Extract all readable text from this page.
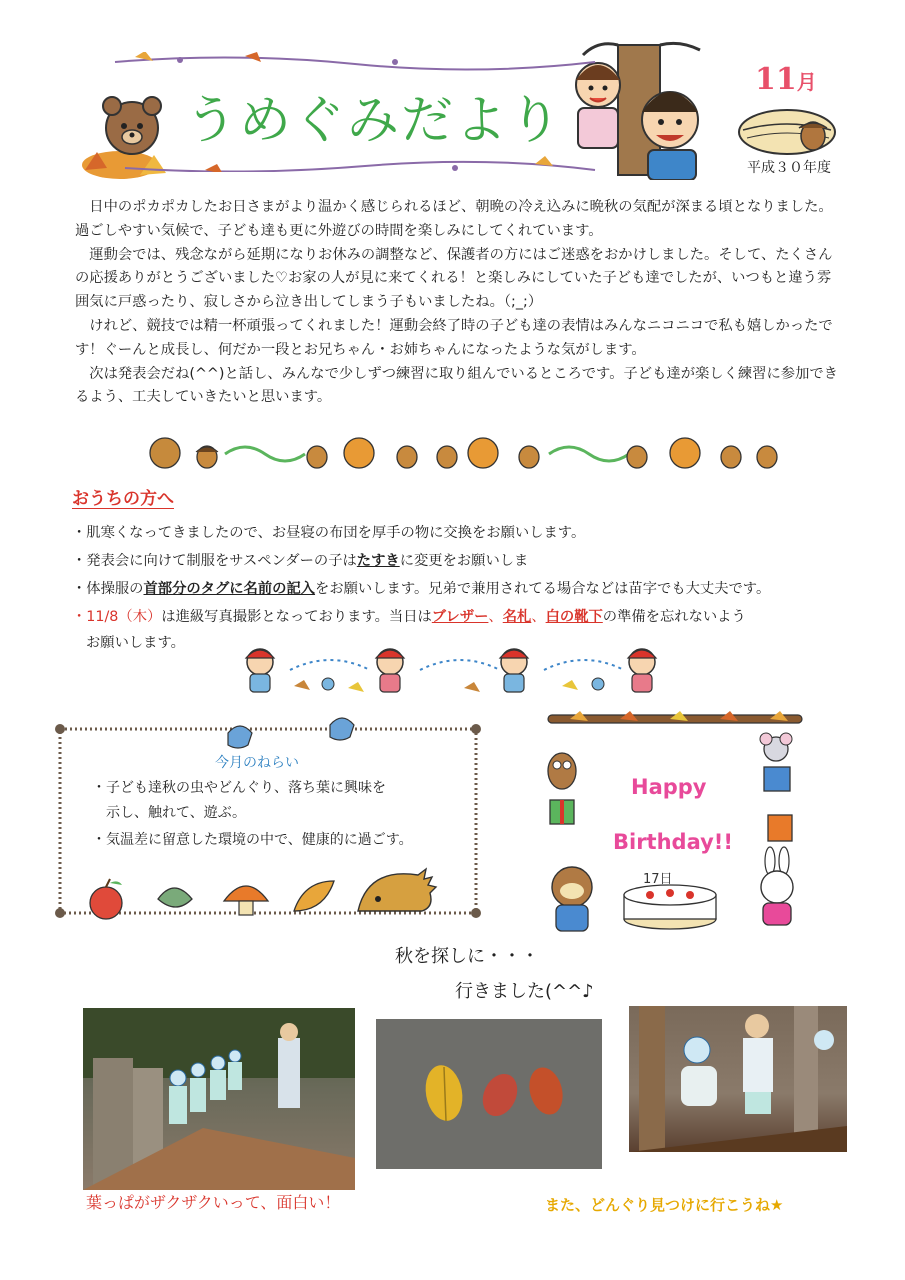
うめぐみだより
11月
平成３０年度

日中のポカポカしたお日さまがより温かく感じられるほど、朝晩の冷え込みに晩秋の気配が深まる頃となりました。過ごしやすい気候で、子ども達も更に外遊びの時間を楽しみにしてくれています。

運動会では、残念ながら延期になりお休みの調整など、保護者の方にはご迷惑をおかけしました。そして、たくさんの応援ありがとうございました♡お家の人が見に来てくれる！と楽しみにしていた子ども達でしたが、いつもと違う雰囲気に戸惑ったり、寂しさから泣き出してしまう子もいましたね。（;_;）

けれど、競技では精一杯頑張ってくれました！運動会終了時の子ども達の表情はみんなニコニコで私も嬉しかったです！ぐーんと成長し、何だか一段とお兄ちゃん・お姉ちゃんになったような気がします。

次は発表会だね(^^)と話し、みんなで少しずつ練習に取り組んでいるところです。子ども達が楽しく練習に参加できるよう、工夫していきたいと思います。

おうちの方へ
・肌寒くなってきましたので、お昼寝の布団を厚手の物に交換をお願いします。
・発表会に向けて制服をサスペンダーの子はたすきに変更をお願いしま
・体操服の首部分のタグに名前の記入をお願いします。兄弟で兼用されてる場合などは苗字でも大丈夫です。
・11/8（木）は進級写真撮影となっております。当日はブレザー、名札、白の靴下の準備を忘れないよう
お願いします。
今月のねらい
・子ども達秋の虫やどんぐり、落ち葉に興味を
示し、触れて、遊ぶ。
・気温差に留意した環境の中で、健康的に過ごす。
Happy
Birthday!!
17日
秋を探しに・・・
行きました(^^♪
葉っぱがザクザクいって、面白い！	また、どんぐり見つけに行こうね★
